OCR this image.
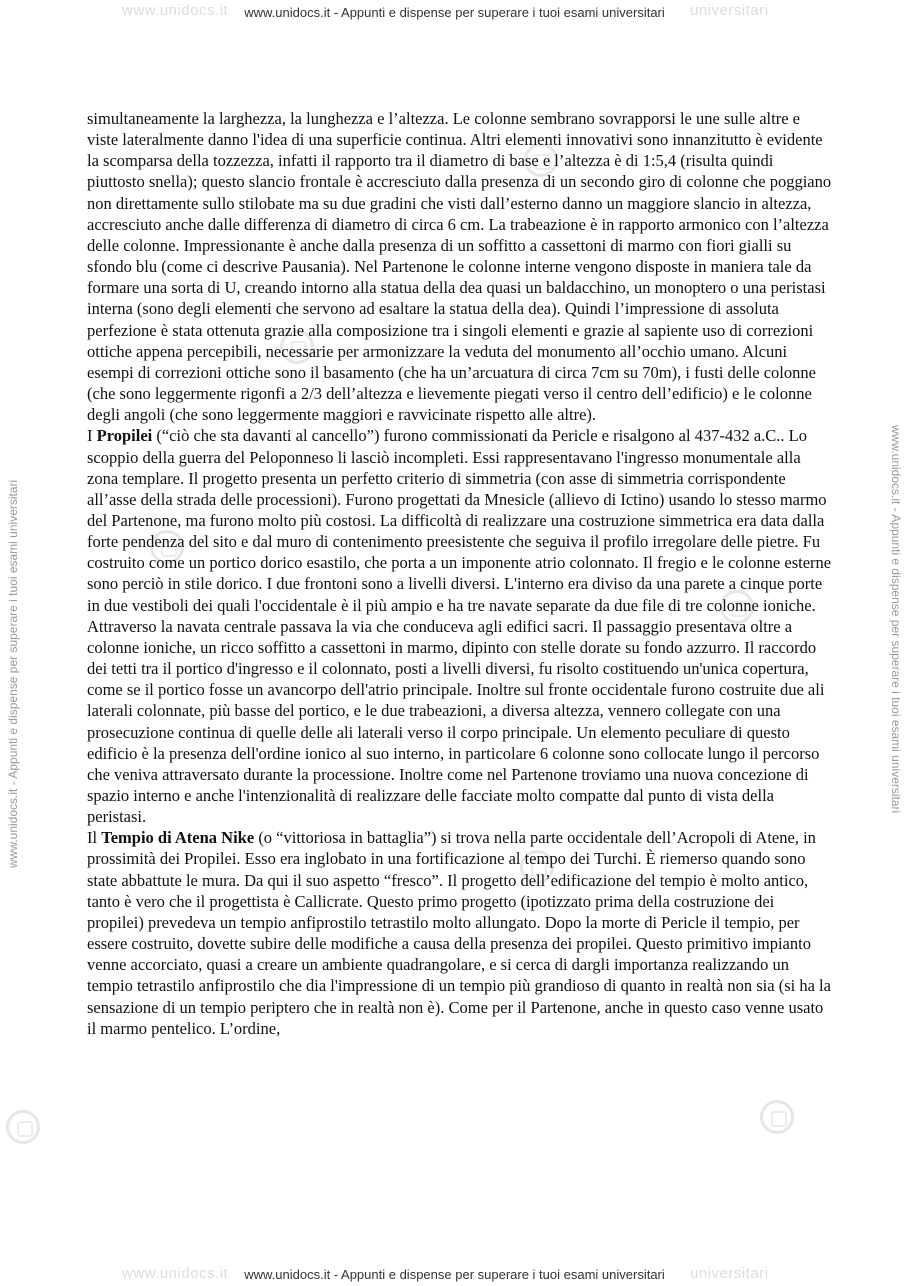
www.unidocs.it	universitari
www.unidocs.it - Appunti e dispense per superare i tuoi esami universitari
www.unidocs.it - Appunti e dispense per superare i tuoi esami universitari	www.unidocs.it - Appunti e dispense per superare i tuoi esami universitari

simultaneamente la larghezza, la lunghezza e l’altezza. Le colonne sembrano sovrapporsi le une sulle altre e viste lateralmente danno l'idea di una superficie continua. Altri elementi innovativi sono innanzitutto è evidente la scomparsa della tozzezza, infatti il rapporto tra il diametro di base e l’altezza è di 1:5,4 (risulta quindi piuttosto snella); questo slancio frontale è accresciuto dalla presenza di un secondo giro di colonne che poggiano non direttamente sullo stilobate ma su due gradini che visti dall’esterno danno un maggiore slancio in altezza, accresciuto anche dalle differenza di diametro di circa 6 cm. La trabeazione è in rapporto armonico con l’altezza delle colonne. Impressionante è anche dalla presenza di un soffitto a cassettoni di marmo con fiori gialli su sfondo blu (come ci descrive Pausania). Nel Partenone le colonne interne vengono disposte in maniera tale da formare una sorta di U, creando intorno alla statua della dea quasi un baldacchino, un monoptero o una peristasi interna (sono degli elementi che servono ad esaltare la statua della dea). Quindi l’impressione di assoluta perfezione è stata ottenuta grazie alla composizione tra i singoli elementi e grazie al sapiente uso di correzioni ottiche appena percepibili, necessarie per armonizzare la veduta del monumento all’occhio umano. Alcuni esempi di correzioni ottiche sono il basamento (che ha un’arcuatura di circa 7cm su 70m), i fusti delle colonne (che sono leggermente rigonfi a 2/3 dell’altezza e lievemente piegati verso il centro dell’edificio) e le colonne degli angoli (che sono leggermente maggiori e ravvicinate rispetto alle altre).

I Propilei (“ciò che sta davanti al cancello”) furono commissionati da Pericle e risalgono al 437-432 a.C.. Lo scoppio della guerra del Peloponneso li lasciò incompleti. Essi rappresentavano l'ingresso monumentale alla zona templare. Il progetto presenta un perfetto criterio di simmetria (con asse di simmetria corrispondente all’asse della strada delle processioni). Furono progettati da Mnesicle (allievo di Ictino) usando lo stesso marmo del Partenone, ma furono molto più costosi. La difficoltà di realizzare una costruzione simmetrica era data dalla forte pendenza del sito e dal muro di contenimento preesistente che seguiva il profilo irregolare delle pietre. Fu costruito come un portico dorico esastilo, che porta a un imponente atrio colonnato. Il fregio e le colonne esterne sono perciò in stile dorico. I due frontoni sono a livelli diversi. L'interno era diviso da una parete a cinque porte in due vestiboli dei quali l'occidentale è il più ampio e ha tre navate separate da due file di tre colonne ioniche. Attraverso la navata centrale passava la via che conduceva agli edifici sacri. Il passaggio presentava oltre a colonne ioniche, un ricco soffitto a cassettoni in marmo, dipinto con stelle dorate su fondo azzurro. Il raccordo dei tetti tra il portico d'ingresso e il colonnato, posti a livelli diversi, fu risolto costituendo un'unica copertura, come se il portico fosse un avancorpo dell'atrio principale. Inoltre sul fronte occidentale furono costruite due ali laterali colonnate, più basse del portico, e le due trabeazioni, a diversa altezza, vennero collegate con una prosecuzione continua di quelle delle ali laterali verso il corpo principale. Un elemento peculiare di questo edificio è la presenza dell'ordine ionico al suo interno, in particolare 6 colonne sono collocate lungo il percorso che veniva attraversato durante la processione. Inoltre come nel Partenone troviamo una nuova concezione di spazio interno e anche l'intenzionalità di realizzare delle facciate molto compatte dal punto di vista della peristasi.

Il Tempio di Atena Nike (o “vittoriosa in battaglia”) si trova nella parte occidentale dell’Acropoli di Atene, in prossimità dei Propilei. Esso era inglobato in una fortificazione al tempo dei Turchi. È riemerso quando sono state abbattute le mura. Da qui il suo aspetto “fresco”. Il progetto dell’edificazione del tempio è molto antico, tanto è vero che il progettista è Callicrate. Questo primo progetto (ipotizzato prima della costruzione dei propilei) prevedeva un tempio anfiprostilo tetrastilo molto allungato. Dopo la morte di Pericle il tempio, per essere costruito, dovette subire delle modifiche a causa della presenza dei propilei. Questo primitivo impianto venne accorciato, quasi a creare un ambiente quadrangolare, e si cerca di dargli importanza realizzando un tempio tetrastilo anfiprostilo che dia l'impressione di un tempio più grandioso di quanto in realtà non sia (si ha la sensazione di un tempio periptero che in realtà non è). Come per il Partenone, anche in questo caso venne usato il marmo pentelico. L’ordine,

www.unidocs.it	universitari
www.unidocs.it - Appunti e dispense per superare i tuoi esami universitari
